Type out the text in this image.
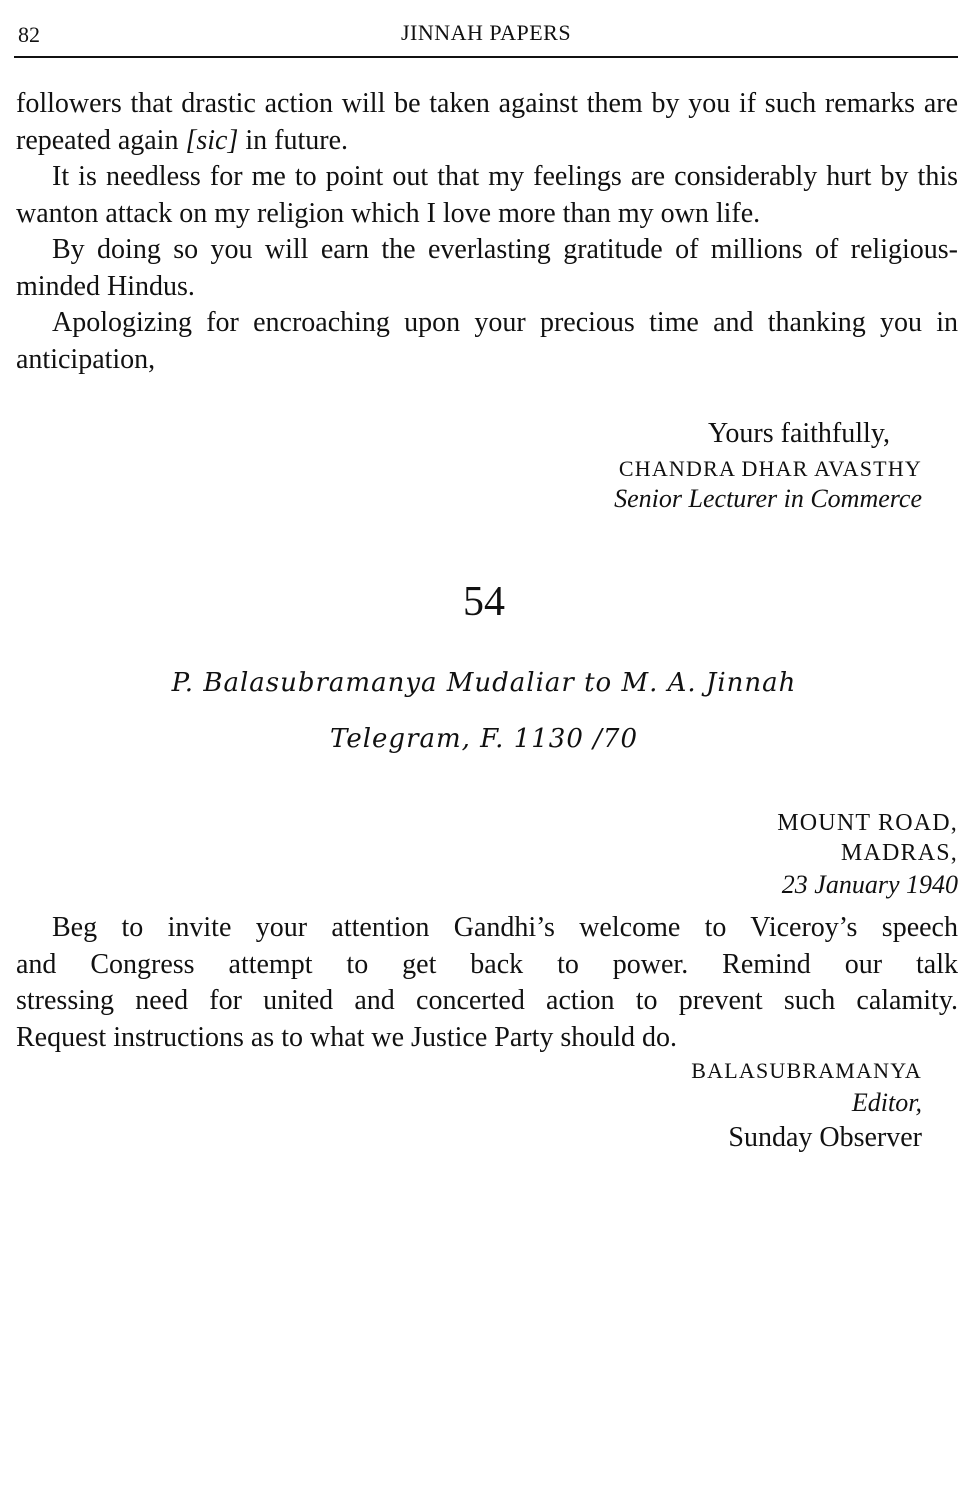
82	JINNAH PAPERS

followers that drastic action will be taken against them by you if such remarks are repeated again [sic] in future.

It is needless for me to point out that my feelings are considerably hurt by this wanton attack on my religion which I love more than my own life.

By doing so you will earn the everlasting gratitude of millions of religious-minded Hindus.

Apologizing for encroaching upon your precious time and thanking you in anticipation,

Yours faithfully,
CHANDRA DHAR AVASTHY
Senior Lecturer in Commerce
54
P. Balasubramanya Mudaliar to M. A. Jinnah
Telegram, F. 1130 /70
MOUNT ROAD,
MADRAS,
23 January 1940
Beg to invite your attention Gandhi’s welcome to Viceroy’s speech
and Congress attempt to get back to power. Remind our talk
stressing need for united and concerted action to prevent such calamity.
Request instructions as to what we Justice Party should do.
BALASUBRAMANYA
Editor,
Sunday Observer
